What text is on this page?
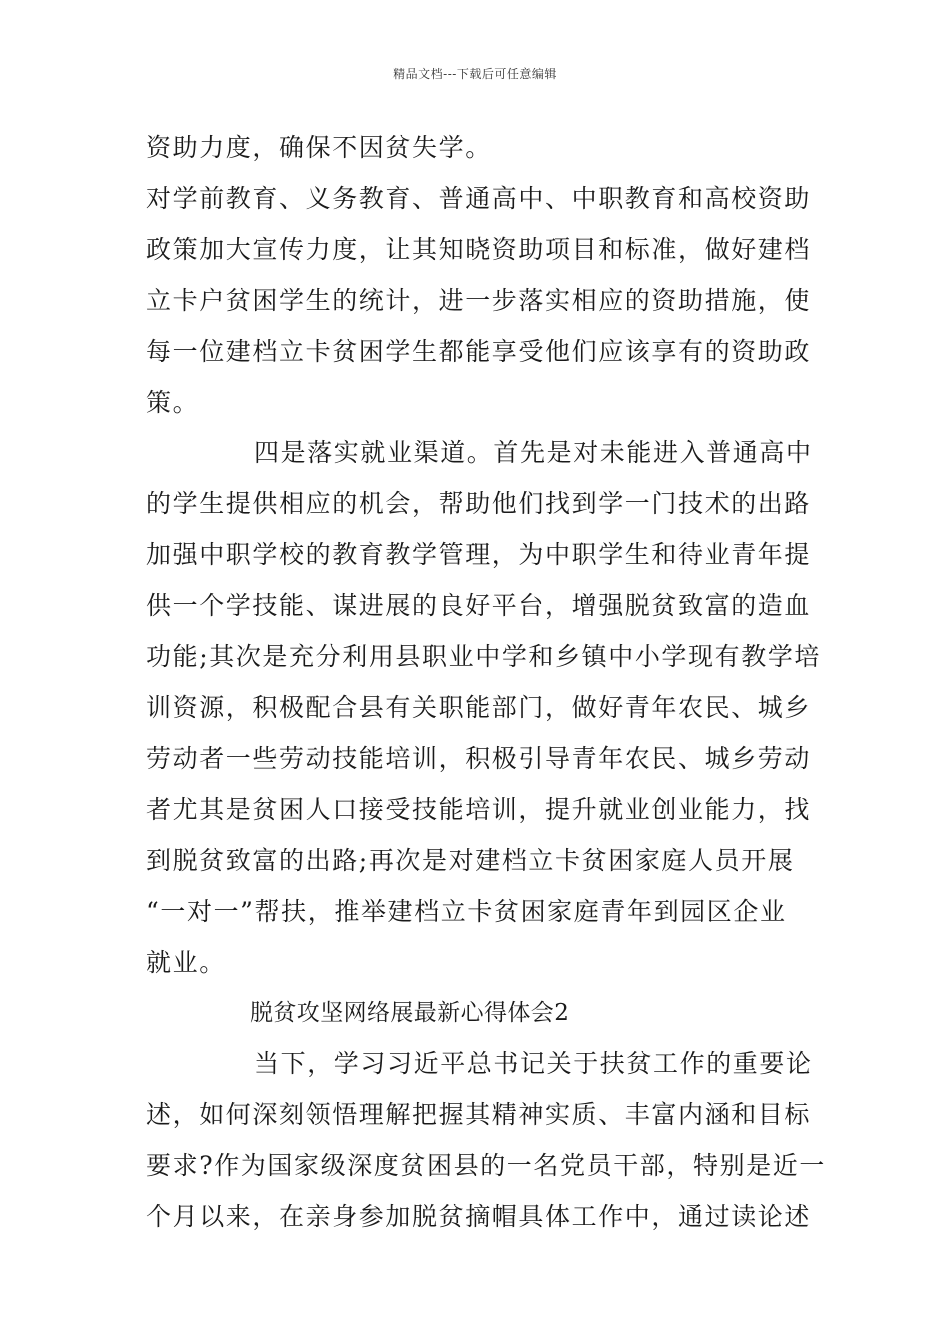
精品文档---下载后可任意编辑
资助力度，确保不因贫失学。
对学前教育、义务教育、普通高中、中职教育和高校资助
政策加大宣传力度，让其知晓资助项目和标准，做好建档
立卡户贫困学生的统计，进一步落实相应的资助措施，使
每一位建档立卡贫困学生都能享受他们应该享有的资助政
策。
四是落实就业渠道。首先是对未能进入普通高中
的学生提供相应的机会，帮助他们找到学一门技术的出路
加强中职学校的教育教学管理，为中职学生和待业青年提
供一个学技能、谋进展的良好平台，增强脱贫致富的造血
功能;其次是充分利用县职业中学和乡镇中小学现有教学培
训资源，积极配合县有关职能部门，做好青年农民、城乡
劳动者一些劳动技能培训，积极引导青年农民、城乡劳动
者尤其是贫困人口接受技能培训，提升就业创业能力，找
到脱贫致富的出路;再次是对建档立卡贫困家庭人员开展
“一对一”帮扶，推举建档立卡贫困家庭青年到园区企业
就业。
脱贫攻坚网络展最新心得体会2
当下，学习习近平总书记关于扶贫工作的重要论
述，如何深刻领悟理解把握其精神实质、丰富内涵和目标
要求?作为国家级深度贫困县的一名党员干部，特别是近一
个月以来，在亲身参加脱贫摘帽具体工作中，通过读论述
